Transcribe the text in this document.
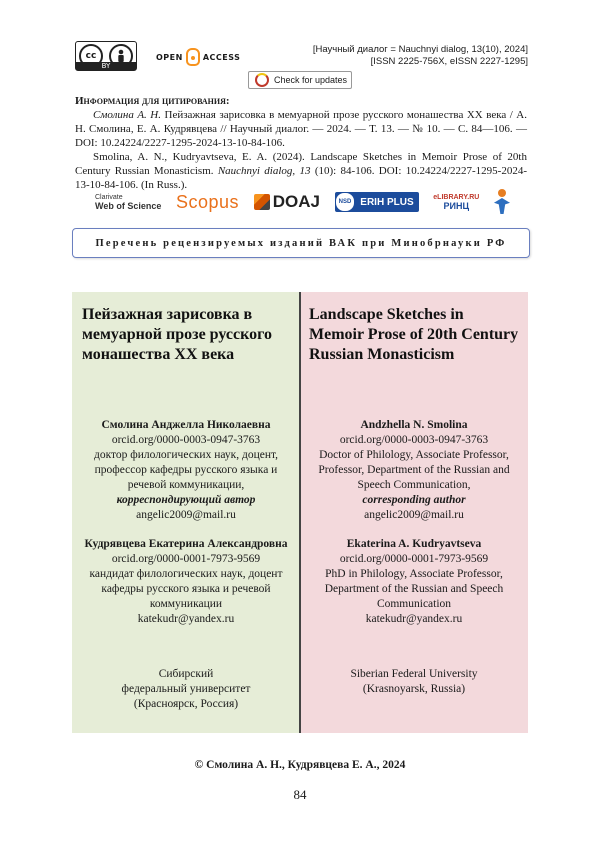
cc
BY
OPEN	ACCESS
[Научный диалог = Nauchnyi dialog, 13(10), 2024]
[ISSN 2225-756X, eISSN 2227-1295]
Check for updates
Информация для цитирования:

Смолина А. Н. Пейзажная зарисовка в мемуарной прозе русского монашества XX века / А. Н. Смолина, Е. А. Кудрявцева // Научный диалог. — 2024. — Т. 13. — № 10. — С. 84—106. — DOI: 10.24224/2227-1295-2024-13-10-84-106.

Smolina, A. N., Kudryavtseva, E. A. (2024). Landscape Sketches in Memoir Prose of 20th Century Russian Monasticism. Nauchnyi dialog, 13 (10): 84-106. DOI: 10.24224/2227-1295-2024-13-10-84-106. (In Russ.).

Clarivate
Web of Science Scopus DOAJ	NSD ERIH PLUS	eLIBRARY.RU
РИНЦ
Перечень рецензируемых изданий ВАК при Минобрнауки РФ
Пейзажная зарисовка в мемуарной прозе русского монашества XX века
Landscape Sketches in Memoir Prose of 20th Century Russian Monasticism
Смолина Анджелла Николаевна
orcid.org/0000-0003-0947-3763
доктор филологических наук, доцент, профессор кафедры русского языка и речевой коммуникации,
корреспондирующий автор
angelic2009@mail.ru
Кудрявцева Екатерина Александровна
orcid.org/0000-0001-7973-9569
кандидат филологических наук, доцент кафедры русского языка и речевой коммуникации
katekudr@yandex.ru
Andzhella N. Smolina
orcid.org/0000-0003-0947-3763
Doctor of Philology, Associate Professor, Professor, Department of the Russian and Speech Communication,
corresponding author
angelic2009@mail.ru
Ekaterina A. Kudryavtseva
orcid.org/0000-0001-7973-9569
PhD in Philology, Associate Professor, Department of the Russian and Speech Communication
katekudr@yandex.ru
Сибирский
федеральный университет
(Красноярск, Россия)
Siberian Federal University
(Krasnoyarsk, Russia)
© Смолина А. Н., Кудрявцева Е. А., 2024
84
